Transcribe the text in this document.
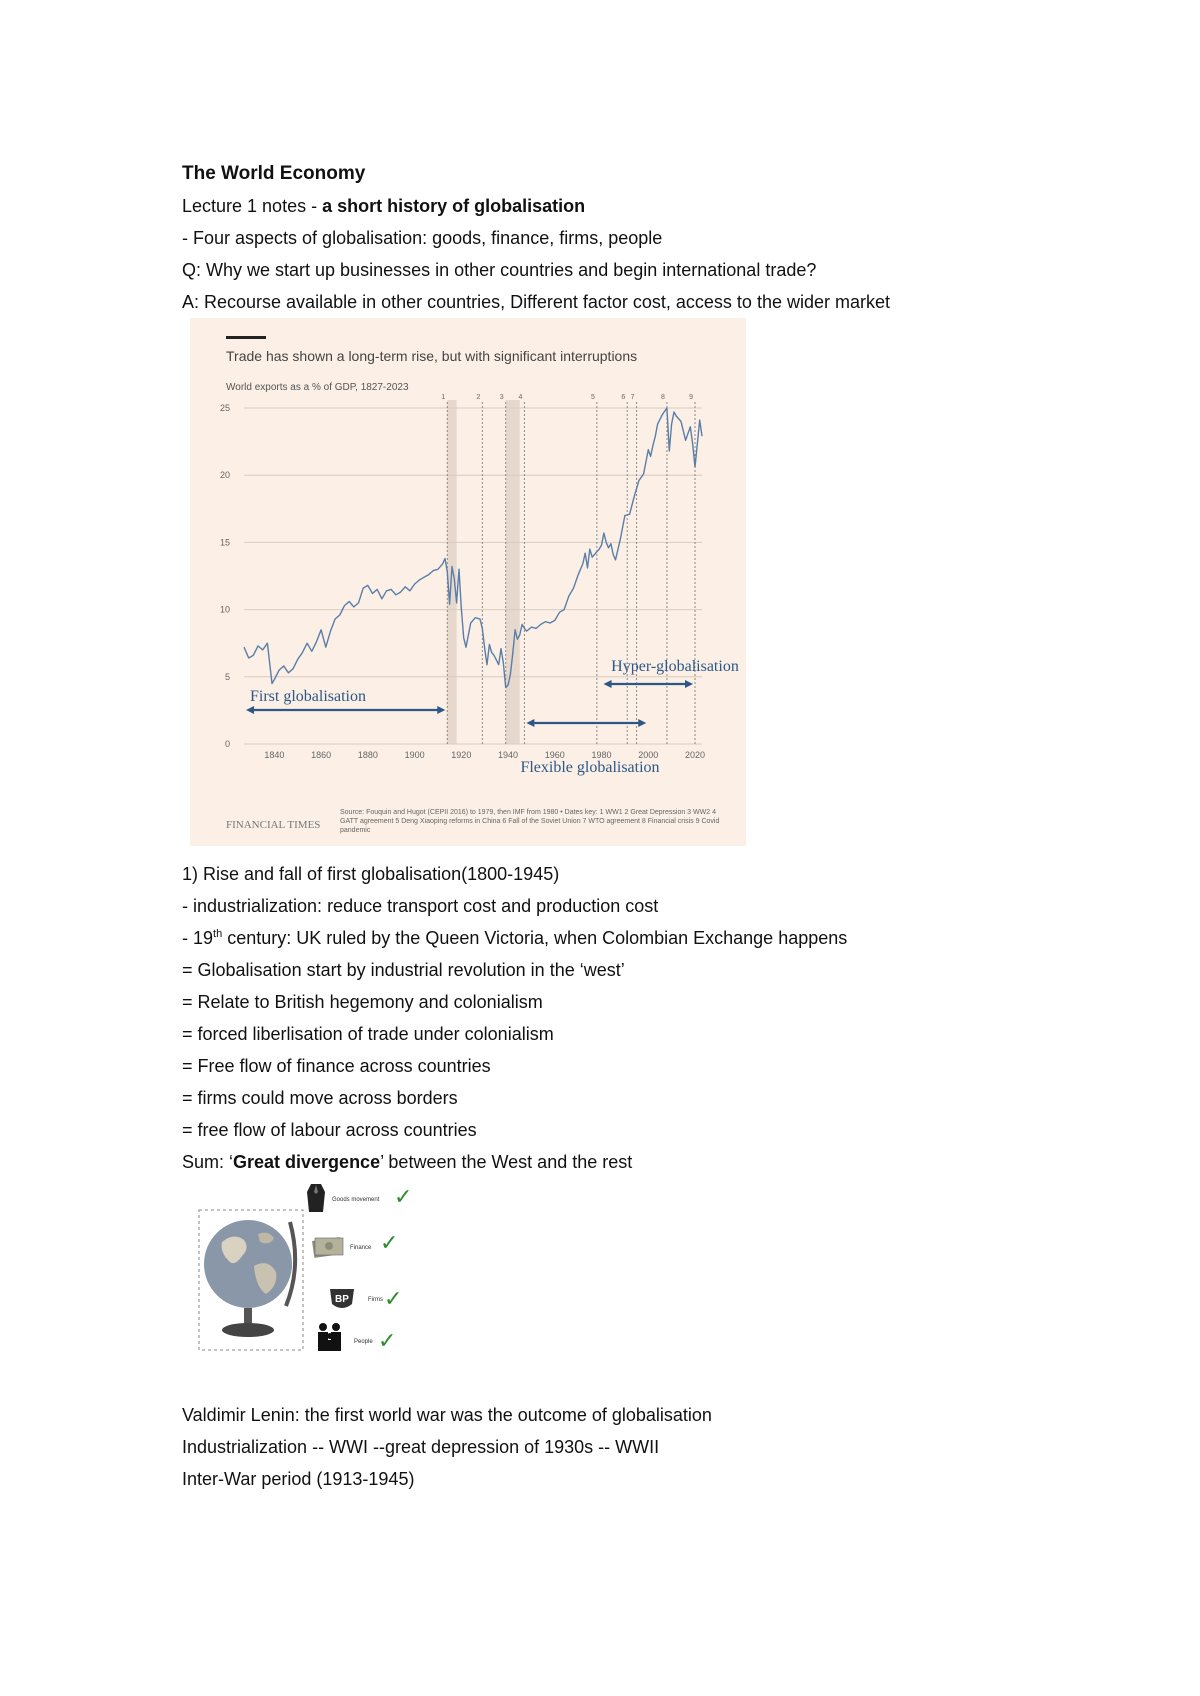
The World Economy
Lecture 1 notes - a short history of globalisation
- Four aspects of globalisation: goods, finance, firms, people
Q: Why we start up businesses in other countries and begin international trade?
A: Recourse available in other countries, Different factor cost, access to the wider market
Trade has shown a long-term rise, but with significant interruptions
World exports as a % of GDP, 1827-2023
0
5
10
15
20
25
1840	1860	1880	1900	1920	1940	1960	1980	2000	2020
1	2	3 4	5	6 7	8	9
First globalisation
Flexible globalisation
Hyper-globalisation
FINANCIAL TIMES
Source: Fouquin and Hugot (CEPII 2016) to 1979, then IMF from 1980 • Dates key: 1 WW1 2 Great Depression 3 WW2 4 GATT agreement 5 Deng Xiaoping reforms in China 6 Fall of the Soviet Union 7 WTO agreement 8 Financial crisis 9 Covid pandemic
1) Rise and fall of first globalisation(1800-1945)
- industrialization: reduce transport cost and production cost
- 19th century: UK ruled by the Queen Victoria, when Colombian Exchange happens
= Globalisation start by industrial revolution in the ‘west’
= Relate to British hegemony and colonialism
= forced liberlisation of trade under colonialism
= Free flow of finance across countries
= firms could move across borders
= free flow of labour across countries
Sum: ‘Great divergence’ between the West and the rest
Goods movement ✓
Finance ✓
BP	Firms ✓
People ✓
Valdimir Lenin: the first world war was the outcome of globalisation
Industrialization -- WWI --great depression of 1930s -- WWII
Inter-War period (1913-1945)
